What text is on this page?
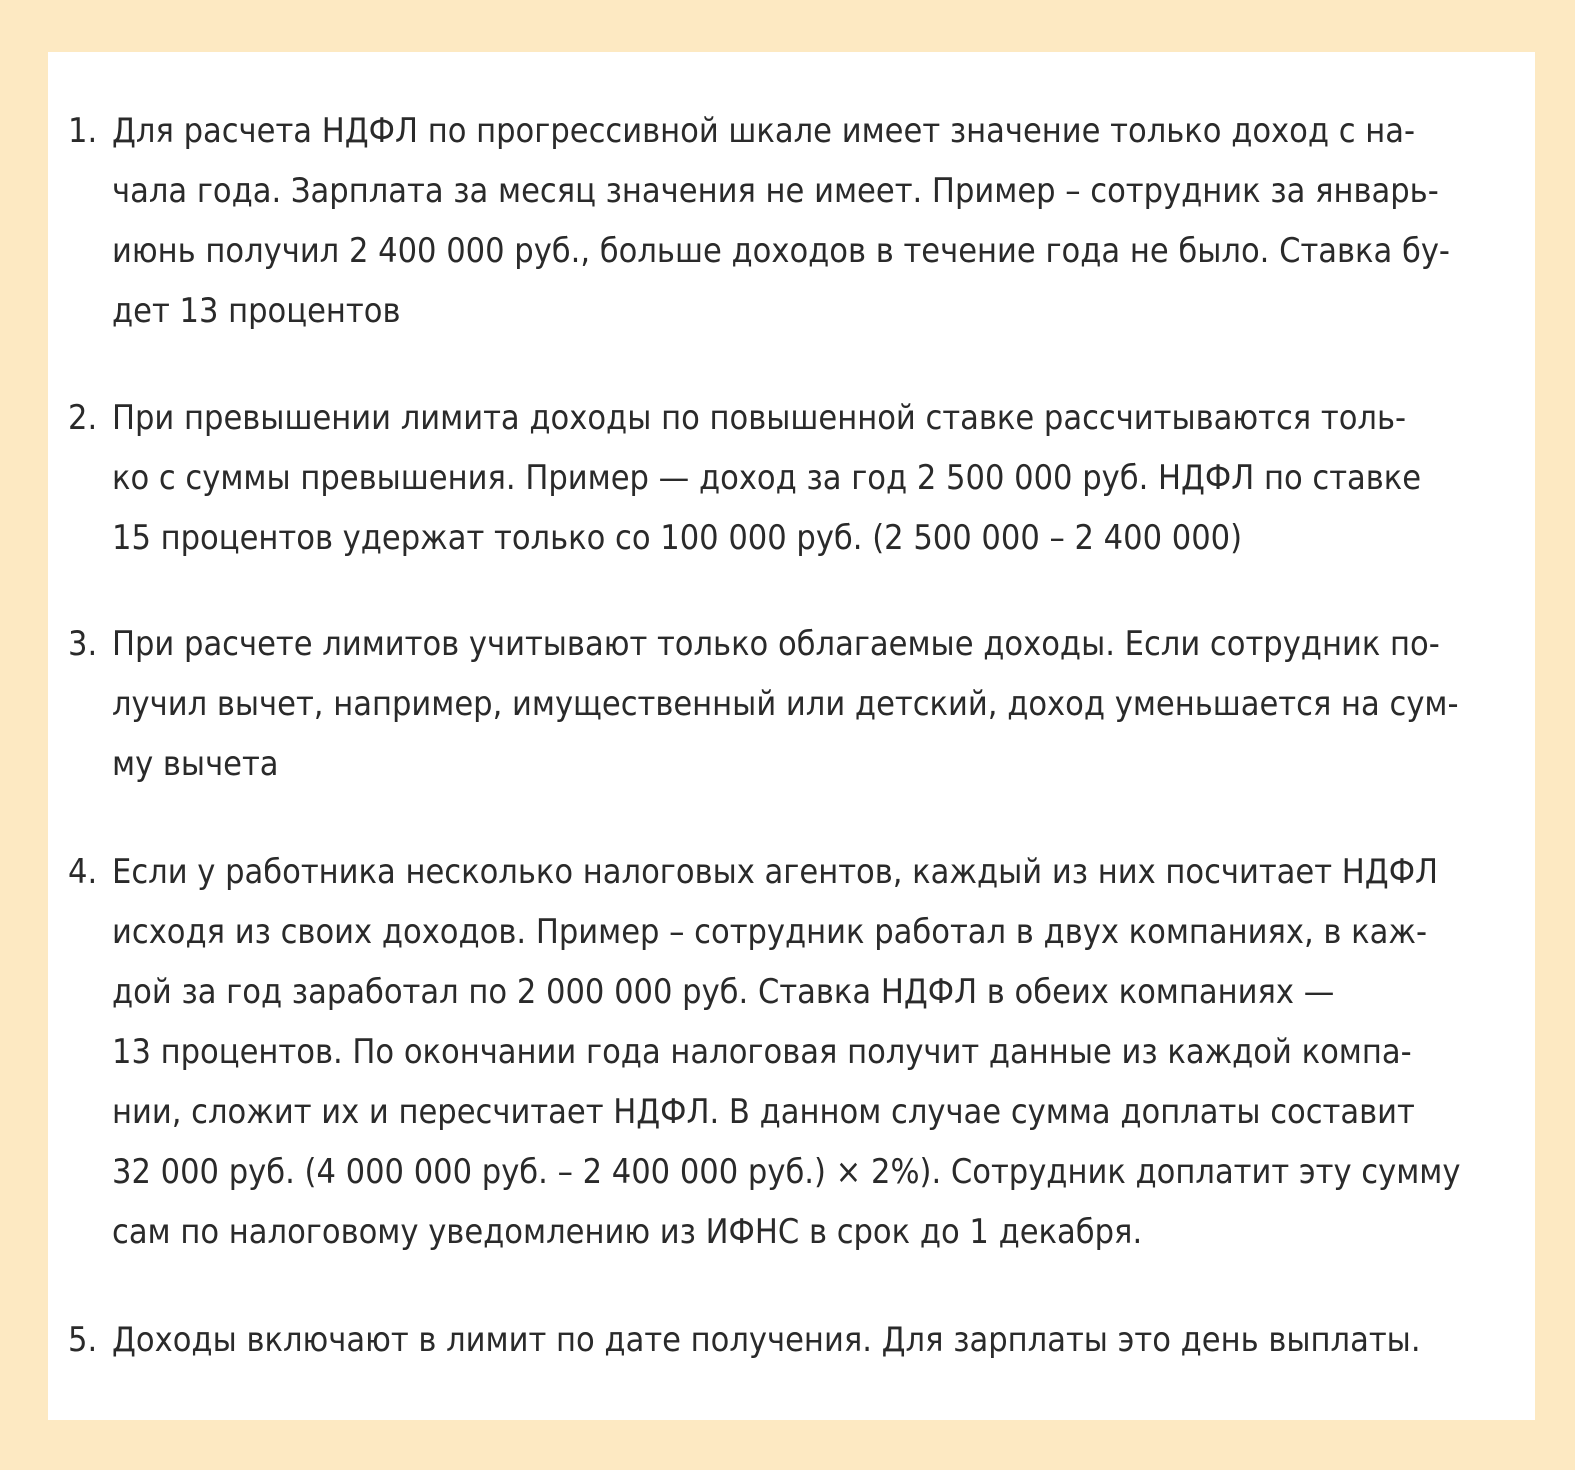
1. Для расчета НДФЛ по прогрессивной шкале имеет значение только доход с на-
чала года. Зарплата за месяц значения не имеет. Пример – сотрудник за январь-
июнь получил 2 400 000 руб., больше доходов в течение года не было. Ставка бу-
дет 13 процентов
2. При превышении лимита доходы по повышенной ставке рассчитываются толь-
ко с суммы превышения. Пример — доход за год 2 500 000 руб. НДФЛ по ставке
15 процентов удержат только со 100 000 руб. (2 500 000 – 2 400 000)
3. При расчете лимитов учитывают только облагаемые доходы. Если сотрудник по-
лучил вычет, например, имущественный или детский, доход уменьшается на сум-
му вычета
4. Если у работника несколько налоговых агентов, каждый из них посчитает НДФЛ
исходя из своих доходов. Пример – сотрудник работал в двух компаниях, в каж-
дой за год заработал по 2 000 000 руб. Ставка НДФЛ в обеих компаниях —
13 процентов. По окончании года налоговая получит данные из каждой компа-
нии, сложит их и пересчитает НДФЛ. В данном случае сумма доплаты составит
32 000 руб. (4 000 000 руб. – 2 400 000 руб.) × 2%). Сотрудник доплатит эту сумму
сам по налоговому уведомлению из ИФНС в срок до 1 декабря.
5. Доходы включают в лимит по дате получения. Для зарплаты это день выплаты.
